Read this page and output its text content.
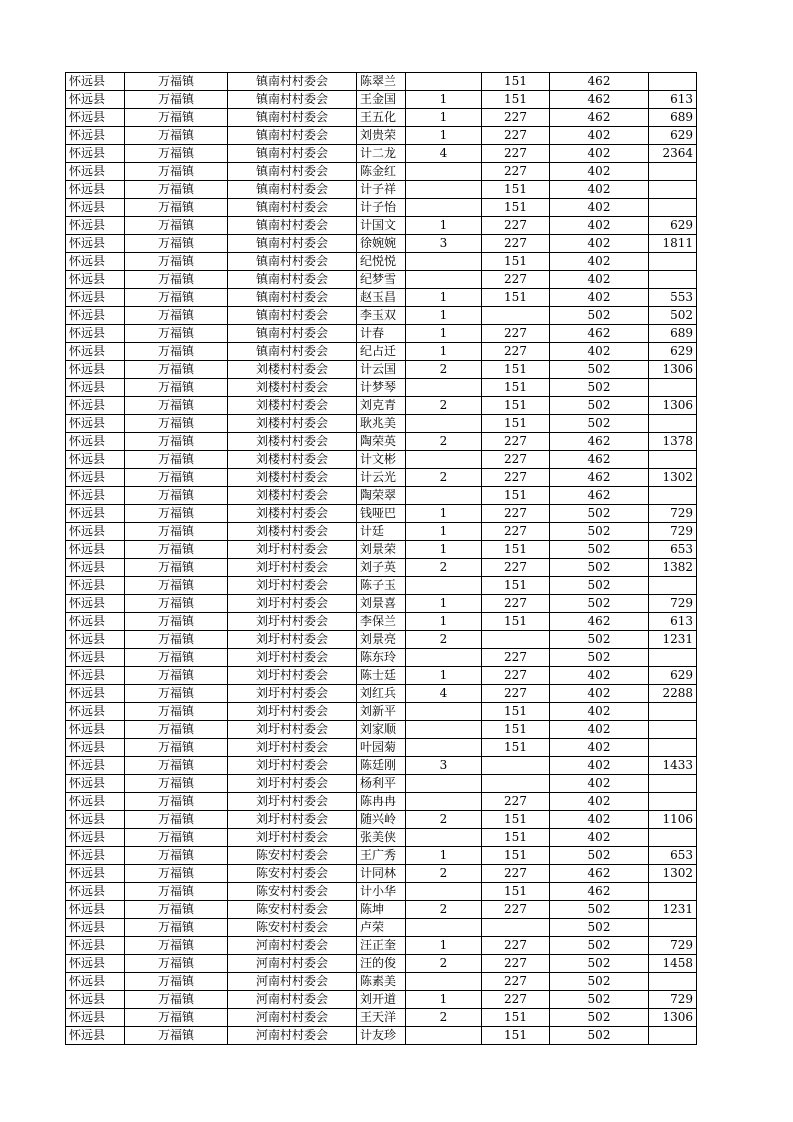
怀远县	万福镇	镇南村村委会	陈翠兰		151	462	
怀远县	万福镇	镇南村村委会	王金国	1	151	462	613
怀远县	万福镇	镇南村村委会	王五化	1	227	462	689
怀远县	万福镇	镇南村村委会	刘贵荣	1	227	402	629
怀远县	万福镇	镇南村村委会	计二龙	4	227	402	2364
怀远县	万福镇	镇南村村委会	陈金红		227	402	
怀远县	万福镇	镇南村村委会	计子祥		151	402	
怀远县	万福镇	镇南村村委会	计子怡		151	402	
怀远县	万福镇	镇南村村委会	计国文	1	227	402	629
怀远县	万福镇	镇南村村委会	徐婉婉	3	227	402	1811
怀远县	万福镇	镇南村村委会	纪悦悦		151	402	
怀远县	万福镇	镇南村村委会	纪梦雪		227	402	
怀远县	万福镇	镇南村村委会	赵玉昌	1	151	402	553
怀远县	万福镇	镇南村村委会	李玉双	1		502	502
怀远县	万福镇	镇南村村委会	计春	1	227	462	689
怀远县	万福镇	镇南村村委会	纪占迁	1	227	402	629
怀远县	万福镇	刘楼村村委会	计云国	2	151	502	1306
怀远县	万福镇	刘楼村村委会	计梦琴		151	502	
怀远县	万福镇	刘楼村村委会	刘克青	2	151	502	1306
怀远县	万福镇	刘楼村村委会	耿兆美		151	502	
怀远县	万福镇	刘楼村村委会	陶荣英	2	227	462	1378
怀远县	万福镇	刘楼村村委会	计文彬		227	462	
怀远县	万福镇	刘楼村村委会	计云光	2	227	462	1302
怀远县	万福镇	刘楼村村委会	陶荣翠		151	462	
怀远县	万福镇	刘楼村村委会	钱哑巴	1	227	502	729
怀远县	万福镇	刘楼村村委会	计廷	1	227	502	729
怀远县	万福镇	刘圩村村委会	刘景荣	1	151	502	653
怀远县	万福镇	刘圩村村委会	刘子英	2	227	502	1382
怀远县	万福镇	刘圩村村委会	陈子玉		151	502	
怀远县	万福镇	刘圩村村委会	刘景喜	1	227	502	729
怀远县	万福镇	刘圩村村委会	李保兰	1	151	462	613
怀远县	万福镇	刘圩村村委会	刘景亮	2		502	1231
怀远县	万福镇	刘圩村村委会	陈东玲		227	502	
怀远县	万福镇	刘圩村村委会	陈士廷	1	227	402	629
怀远县	万福镇	刘圩村村委会	刘红兵	4	227	402	2288
怀远县	万福镇	刘圩村村委会	刘新平		151	402	
怀远县	万福镇	刘圩村村委会	刘家顺		151	402	
怀远县	万福镇	刘圩村村委会	叶园菊		151	402	
怀远县	万福镇	刘圩村村委会	陈廷刚	3		402	1433
怀远县	万福镇	刘圩村村委会	杨利平			402	
怀远县	万福镇	刘圩村村委会	陈冉冉		227	402	
怀远县	万福镇	刘圩村村委会	随兴岭	2	151	402	1106
怀远县	万福镇	刘圩村村委会	张美侠		151	402	
怀远县	万福镇	陈安村村委会	王广秀	1	151	502	653
怀远县	万福镇	陈安村村委会	计同林	2	227	462	1302
怀远县	万福镇	陈安村村委会	计小华		151	462	
怀远县	万福镇	陈安村村委会	陈坤	2	227	502	1231
怀远县	万福镇	陈安村村委会	卢荣			502	
怀远县	万福镇	河南村村委会	汪正奎	1	227	502	729
怀远县	万福镇	河南村村委会	汪的俊	2	227	502	1458
怀远县	万福镇	河南村村委会	陈素美		227	502	
怀远县	万福镇	河南村村委会	刘开道	1	227	502	729
怀远县	万福镇	河南村村委会	王天洋	2	151	502	1306
怀远县	万福镇	河南村村委会	计友珍		151	502	
